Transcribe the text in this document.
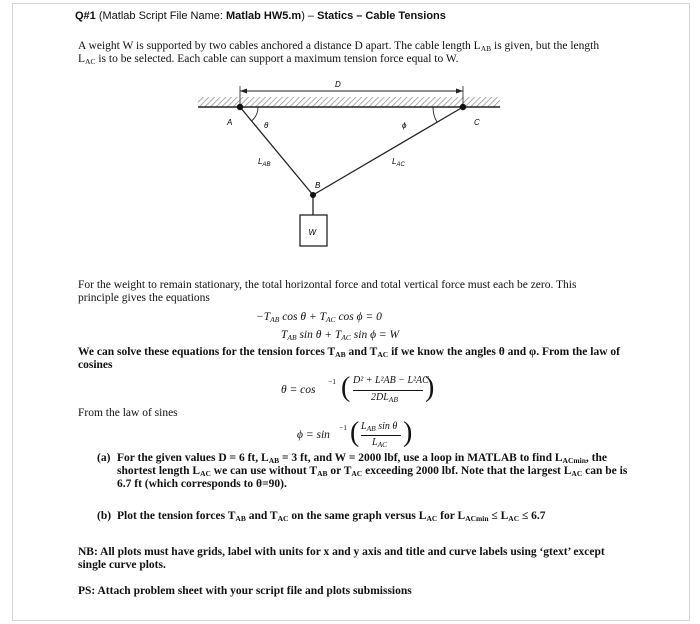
Q#1 (Matlab Script File Name: Matlab HW5.m) – Statics – Cable Tensions
A weight W is supported by two cables anchored a distance D apart. The cable length $L_{AB}$ is given, but the length
$L_{AC}$ is to be selected. Each cable can support a maximum tension force equal to W.
D
W
A	C
B
θ	ϕ
$L_{AB}$	$L_{AC}$
For the weight to remain stationary, the total horizontal force and total vertical force must each be zero. This
principle gives the equations
$-T_{AB}$ $\cos \theta + T_{AC}$ cos ϕ = 0
$T_{AB}$ $\sin \theta + T_{AC}$ sin ϕ = W
We can solve these equations for the tension forces $T_{AB}$ and $T_{AC}$ if we know the angles θ and φ. From the law of
cosines
θ = cos
−1 ( D² + L²AB − L²AC
$2DL_{AB}$ )
From the law of sines
ϕ = sin
−1 ( $L_{AB}$ sin θ
$L_{AC}$ )
(a) For the given values D = 6 ft, $L_{AB} = 3$ ft, and W = 2000 lbf, use a loop in MATLAB to find $L_{ACmin}$, the
shortest length $L_{AC}$ we can use without $T_{AB}$ or $T_{AC}$ exceeding 2000 lbf. Note that the largest $L_{AC}$ can be is
6.7 ft (which corresponds to θ=90).
(b) Plot the tension forces $T_{AB}$ and $T_{AC}$ on the same graph versus $L_{AC}$ for $L_{ACmin} \le L_{AC} \le 6.7$
NB: All plots must have grids, label with units for x and y axis and title and curve labels using ‘gtext’ except
single curve plots.
PS: Attach problem sheet with your script file and plots submissions
